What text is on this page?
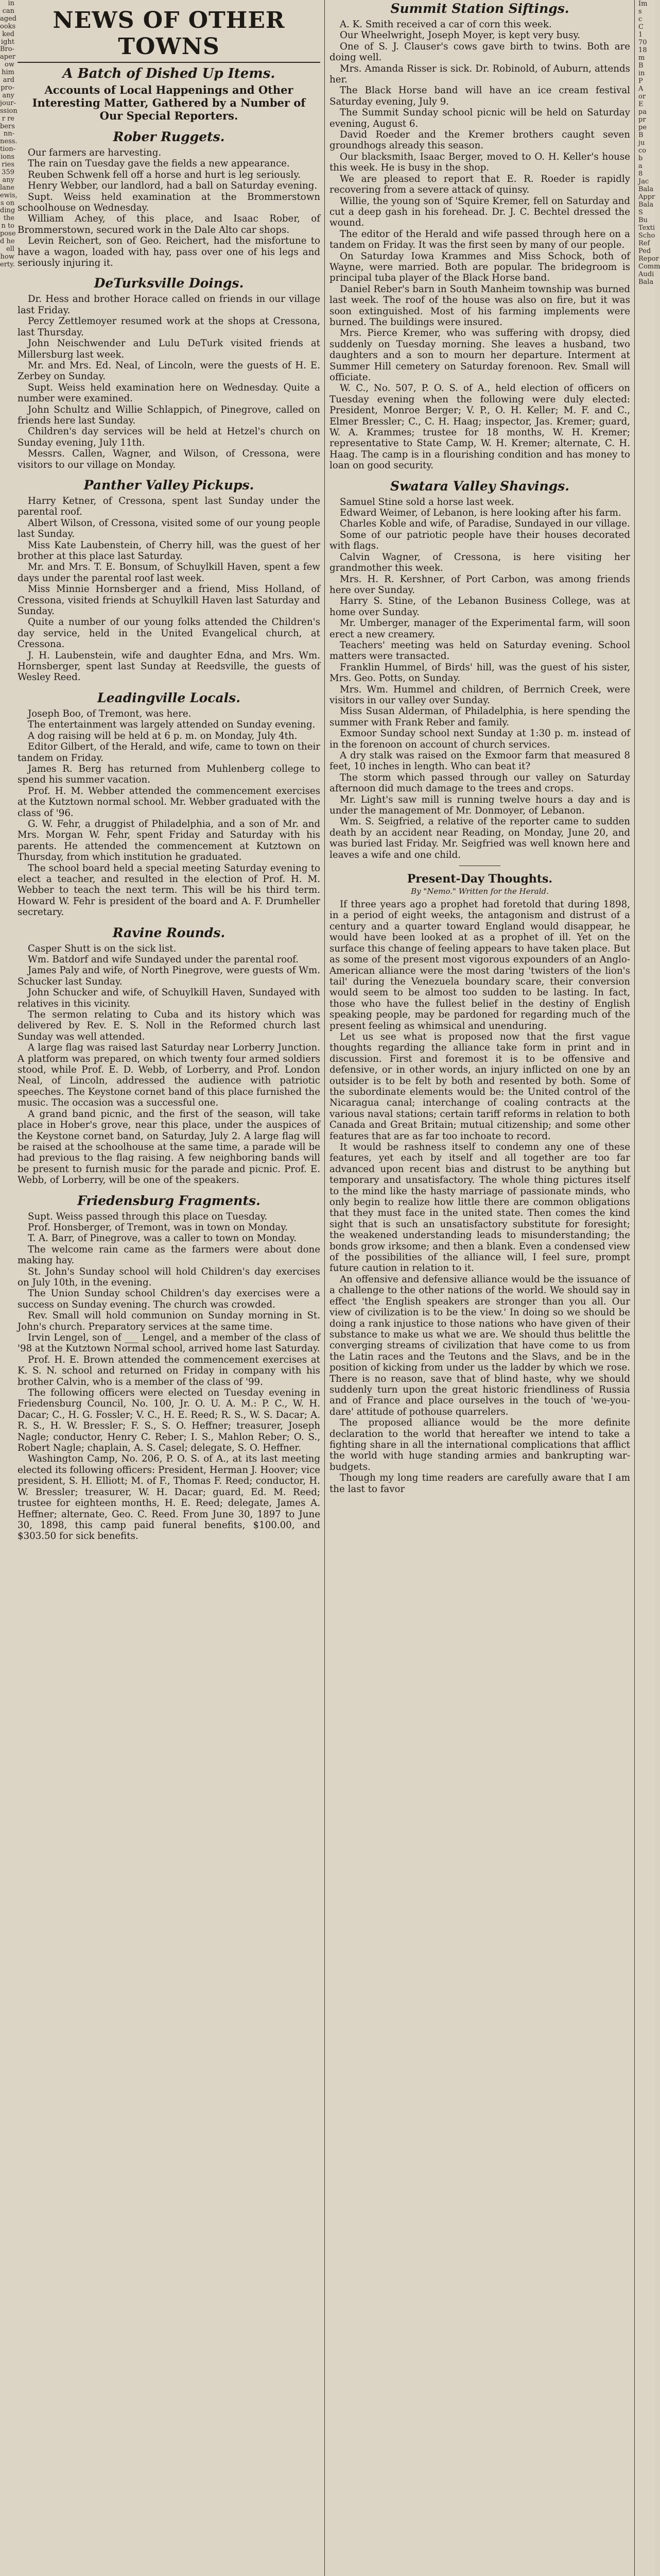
in
can
aged
ooks
ked
ight
Bro-
aper
ow
him
ard
pro-
any
jour-
ssion
r re
bers
nn-
ness.
tion-
ions
ries
359
any
lane
ewis,
s on
ding
the
n to
pose
d he
ell
how
erty.
NEWS OF OTHER TOWNS
A Batch of Dished Up Items.
Accounts of Local Happenings and Other Interesting Matter, Gathered by a Number of Our Special Reporters.
Rober Ruggets.

Our farmers are harvesting.

The rain on Tuesday gave the fields a new appearance.

Reuben Schwenk fell off a horse and hurt is leg seriously.

Henry Webber, our landlord, had a ball on Saturday evening.

Supt. Weiss held examination at the Brommerstown schoolhouse on Wednesday.

William Achey, of this place, and Isaac Rober, of Brommerstown, secured work in the Dale Alto car shops.

Levin Reichert, son of Geo. Reichert, had the misfortune to have a wagon, loaded with hay, pass over one of his legs and seriously injuring it.

DeTurksville Doings.

Dr. Hess and brother Horace called on friends in our village last Friday.

Percy Zettlemoyer resumed work at the shops at Cressona, last Thursday.

John Neischwender and Lulu DeTurk visited friends at Millersburg last week.

Mr. and Mrs. Ed. Neal, of Lincoln, were the guests of H. E. Zerbey on Sunday.

Supt. Weiss held examination here on Wednesday. Quite a number were examined.

John Schultz and Willie Schlappich, of Pinegrove, called on friends here last Sunday.

Children's day services will be held at Hetzel's church on Sunday evening, July 11th.

Messrs. Callen, Wagner, and Wilson, of Cressona, were visitors to our village on Monday.

Panther Valley Pickups.

Harry Ketner, of Cressona, spent last Sunday under the parental roof.

Albert Wilson, of Cressona, visited some of our young people last Sunday.

Miss Kate Laubenstein, of Cherry hill, was the guest of her brother at this place last Saturday.

Mr. and Mrs. T. E. Bonsum, of Schuylkill Haven, spent a few days under the parental roof last week.

Miss Minnie Hornsberger and a friend, Miss Holland, of Cressona, visited friends at Schuylkill Haven last Saturday and Sunday.

Quite a number of our young folks attended the Children's day service, held in the United Evangelical church, at Cressona.

J. H. Laubenstein, wife and daughter Edna, and Mrs. Wm. Hornsberger, spent last Sunday at Reedsville, the guests of Wesley Reed.

Leadingville Locals.

Joseph Boo, of Tremont, was here.

The entertainment was largely attended on Sunday evening.

A dog raising will be held at 6 p. m. on Monday, July 4th.

Editor Gilbert, of the Herald, and wife, came to town on their tandem on Friday.

James R. Berg has returned from Muhlenberg college to spend his summer vacation.

Prof. H. M. Webber attended the commencement exercises at the Kutztown normal school. Mr. Webber graduated with the class of '96.

G. W. Fehr, a druggist of Philadelphia, and a son of Mr. and Mrs. Morgan W. Fehr, spent Friday and Saturday with his parents. He attended the commencement at Kutztown on Thursday, from which institution he graduated.

The school board held a special meeting Saturday evening to elect a teacher, and resulted in the election of Prof. H. M. Webber to teach the next term. This will be his third term. Howard W. Fehr is president of the board and A. F. Drumheller secretary.

Ravine Rounds.

Casper Shutt is on the sick list.

Wm. Batdorf and wife Sundayed under the parental roof.

James Paly and wife, of North Pinegrove, were guests of Wm. Schucker last Sunday.

John Schucker and wife, of Schuylkill Haven, Sundayed with relatives in this vicinity.

The sermon relating to Cuba and its history which was delivered by Rev. E. S. Noll in the Reformed church last Sunday was well attended.

A large flag was raised last Saturday near Lorberry Junction. A platform was prepared, on which twenty four armed soldiers stood, while Prof. E. D. Webb, of Lorberry, and Prof. London Neal, of Lincoln, addressed the audience with patriotic speeches. The Keystone cornet band of this place furnished the music. The occasion was a successful one.

A grand band picnic, and the first of the season, will take place in Hober's grove, near this place, under the auspices of the Keystone cornet band, on Saturday, July 2. A large flag will be raised at the schoolhouse at the same time, a parade will be had previous to the flag raising. A few neighboring bands will be present to furnish music for the parade and picnic. Prof. E. Webb, of Lorberry, will be one of the speakers.

Friedensburg Fragments.

Supt. Weiss passed through this place on Tuesday.

Prof. Honsberger, of Tremont, was in town on Monday.

T. A. Barr, of Pinegrove, was a caller to town on Monday.

The welcome rain came as the farmers were about done making hay.

St. John's Sunday school will hold Children's day exercises on July 10th, in the evening.

The Union Sunday school Children's day exercises were a success on Sunday evening. The church was crowded.

Rev. Small will hold communion on Sunday morning in St. John's church. Preparatory services at the same time.

Irvin Lengel, son of ___ Lengel, and a member of the class of '98 at the Kutztown Normal school, arrived home last Saturday.

Prof. H. E. Brown attended the commencement exercises at K. S. N. school and returned on Friday in company with his brother Calvin, who is a member of the class of '99.

The following officers were elected on Tuesday evening in Friedensburg Council, No. 100, Jr. O. U. A. M.: P. C., W. H. Dacar; C., H. G. Fossler; V. C., H. E. Reed; R. S., W. S. Dacar; A. R. S., H. W. Bressler; F. S., S. O. Heffner; treasurer, Joseph Nagle; conductor, Henry C. Reber; I. S., Mahlon Reber; O. S., Robert Nagle; chaplain, A. S. Casel; delegate, S. O. Heffner.

Washington Camp, No. 206, P. O. S. of A., at its last meeting elected its following officers: President, Herman J. Hoover; vice president, S. H. Elliott; M. of F., Thomas F. Reed; conductor, H. W. Bressler; treasurer, W. H. Dacar; guard, Ed. M. Reed; trustee for eighteen months, H. E. Reed; delegate, James A. Heffner; alternate, Geo. C. Reed. From June 30, 1897 to June 30, 1898, this camp paid funeral benefits, $100.00, and $303.50 for sick benefits.

Summit Station Siftings.

A. K. Smith received a car of corn this week.

Our Wheelwright, Joseph Moyer, is kept very busy.

One of S. J. Clauser's cows gave birth to twins. Both are doing well.

Mrs. Amanda Risser is sick. Dr. Robinold, of Auburn, attends her.

The Black Horse band will have an ice cream festival Saturday evening, July 9.

The Summit Sunday school picnic will be held on Saturday evening, August 6.

David Roeder and the Kremer brothers caught seven groundhogs already this season.

Our blacksmith, Isaac Berger, moved to O. H. Keller's house this week. He is busy in the shop.

We are pleased to report that E. R. Roeder is rapidly recovering from a severe attack of quinsy.

Willie, the young son of 'Squire Kremer, fell on Saturday and cut a deep gash in his forehead. Dr. J. C. Bechtel dressed the wound.

The editor of the Herald and wife passed through here on a tandem on Friday. It was the first seen by many of our people.

On Saturday Iowa Krammes and Miss Schock, both of Wayne, were married. Both are popular. The bridegroom is principal tuba player of the Black Horse band.

Daniel Reber's barn in South Manheim township was burned last week. The roof of the house was also on fire, but it was soon extinguished. Most of his farming implements were burned. The buildings were insured.

Mrs. Pierce Kremer, who was suffering with dropsy, died suddenly on Tuesday morning. She leaves a husband, two daughters and a son to mourn her departure. Interment at Summer Hill cemetery on Saturday forenoon. Rev. Small will officiate.

W. C., No. 507, P. O. S. of A., held election of officers on Tuesday evening when the following were duly elected: President, Monroe Berger; V. P., O. H. Keller; M. F. and C., Elmer Bressler; C., C. H. Haag; inspector, Jas. Kremer; guard, W. A. Krammes; trustee for 18 months, W. H. Kremer; representative to State Camp, W. H. Kremer; alternate, C. H. Haag. The camp is in a flourishing condition and has money to loan on good security.

Swatara Valley Shavings.

Samuel Stine sold a horse last week.

Edward Weimer, of Lebanon, is here looking after his farm.

Charles Koble and wife, of Paradise, Sundayed in our village.

Some of our patriotic people have their houses decorated with flags.

Calvin Wagner, of Cressona, is here visiting her grandmother this week.

Mrs. H. R. Kershner, of Port Carbon, was among friends here over Sunday.

Harry S. Stine, of the Lebanon Business College, was at home over Sunday.

Mr. Umberger, manager of the Experimental farm, will soon erect a new creamery.

Teachers' meeting was held on Saturday evening. School matters were transacted.

Franklin Hummel, of Birds' hill, was the guest of his sister, Mrs. Geo. Potts, on Sunday.

Mrs. Wm. Hummel and children, of Berrnich Creek, were visitors in our valley over Sunday.

Miss Susan Alderman, of Philadelphia, is here spending the summer with Frank Reber and family.

Exmoor Sunday school next Sunday at 1:30 p. m. instead of in the forenoon on account of church services.

A dry stalk was raised on the Exmoor farm that measured 8 feet, 10 inches in length. Who can beat it?

The storm which passed through our valley on Saturday afternoon did much damage to the trees and crops.

Mr. Light's saw mill is running twelve hours a day and is under the management of Mr. Donmoyer, of Lebanon.

Wm. S. Seigfried, a relative of the reporter came to sudden death by an accident near Reading, on Monday, June 20, and was buried last Friday. Mr. Seigfried was well known here and leaves a wife and one child.

Present-Day Thoughts.
By "Nemo." Written for the Herald.

If three years ago a prophet had foretold that during 1898, in a period of eight weeks, the antagonism and distrust of a century and a quarter toward England would disappear, he would have been looked at as a prophet of ill. Yet on the surface this change of feeling appears to have taken place. But as some of the present most vigorous expounders of an Anglo-American alliance were the most daring 'twisters of the lion's tail' during the Venezuela boundary scare, their conversion would seem to be almost too sudden to be lasting. In fact, those who have the fullest belief in the destiny of English speaking people, may be pardoned for regarding much of the present feeling as whimsical and unenduring.

Let us see what is proposed now that the first vague thoughts regarding the alliance take form in print and in discussion. First and foremost it is to be offensive and defensive, or in other words, an injury inflicted on one by an outsider is to be felt by both and resented by both. Some of the subordinate elements would be: the United control of the Nicaragua canal; interchange of coaling contracts at the various naval stations; certain tariff reforms in relation to both Canada and Great Britain; mutual citizenship; and some other features that are as far too inchoate to record.

It would be rashness itself to condemn any one of these features, yet each by itself and all together are too far advanced upon recent bias and distrust to be anything but temporary and unsatisfactory. The whole thing pictures itself to the mind like the hasty marriage of passionate minds, who only begin to realize how little there are common obligations that they must face in the united state. Then comes the kind sight that is such an unsatisfactory substitute for foresight; the weakened understanding leads to misunderstanding; the bonds grow irksome; and then a blank. Even a condensed view of the possibilities of the alliance will, I feel sure, prompt future caution in relation to it.

An offensive and defensive alliance would be the issuance of a challenge to the other nations of the world. We should say in effect 'the English speakers are stronger than you all. Our view of civilization is to be the view.' In doing so we should be doing a rank injustice to those nations who have given of their substance to make us what we are. We should thus belittle the converging streams of civilization that have come to us from the Latin races and the Teutons and the Slavs, and be in the position of kicking from under us the ladder by which we rose. There is no reason, save that of blind haste, why we should suddenly turn upon the great historic friendliness of Russia and of France and place ourselves in the touch of 'we-you-dare' attitude of pothouse quarrelers.

The proposed alliance would be the more definite declaration to the world that hereafter we intend to take a fighting share in all the international complications that afflict the world with huge standing armies and bankrupting war-budgets.

Though my long time readers are carefully aware that I am the last to favor

Im
s
c
C
1
70
18
m
B
in
P
A
or
E
pa
pr
pe
B
ju
co
b
a
8
Jac
Bala
Appr
Bala
S
Bu
Texti
Scho
Ref
Ped
Repor
Comm
Audi
Bala
